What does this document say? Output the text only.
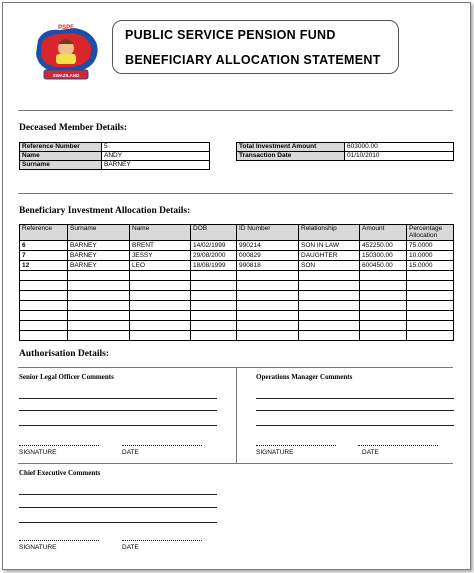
PSPF
SWAZILAND
PUBLIC SERVICE PENSION FUND
BENEFICIARY ALLOCATION STATEMENT
Deceased Member Details:
Reference Number	5
Name	ANDY
Surname	BARNEY
Total Investment Amount	603000.00
Transaction Date	01/10/2010
Beneficiary Investment Allocation Details:
Reference	Surname	Name	DOB	ID Number	Relationship	Amount	Percentage Allocation
6	BARNEY	BRENT	14/02/1999	990214	SON IN LAW	452250.00	75.0000
7	BARNEY	JESSY	29/08/2000	000829	DAUGHTER	150300.00	10.0000
12	BARNEY	LEO	18/08/1999	990818	SON	600450.00	15.0000

Authorisation Details:
Senior Legal Officer Comments	Operations Manager Comments
SIGNATURE	DATE	SIGNATURE	DATE
Chief Executive Comments
SIGNATURE	DATE
